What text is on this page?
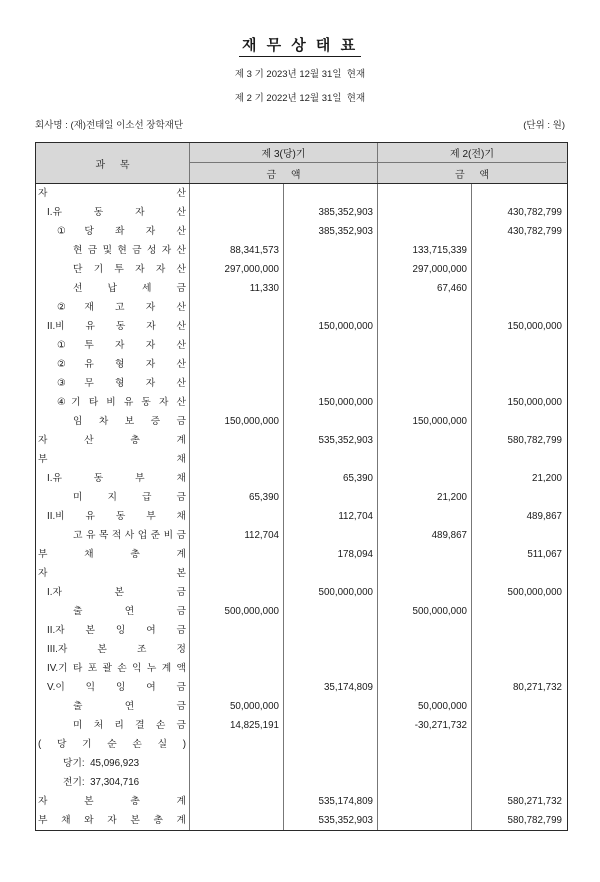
재 무 상 태 표
제 3 기 2023년 12월 31일  현재
제 2 기 2022년 12월 31일  현재
회사명 : (재)전태일 이소선 장학재단	(단위 : 원)
과 목
제 3(당)기	제 2(전)기
금 액	금 액
자 산
I.유 동 자 산	385,352,903	430,782,799
①당 좌 자 산	385,352,903	430,782,799
현 금 및 현 금 성 자 산	88,341,573	133,715,339
단 기 투 자 자 산	297,000,000	297,000,000
선 납 세 금	11,330	67,460
②재 고 자 산
II.비 유 동 자 산	150,000,000	150,000,000
①투 자 자 산
②유 형 자 산
③무 형 자 산
④기 타 비 유 동 자 산	150,000,000	150,000,000
임 차 보 증 금	150,000,000	150,000,000
자 산 총 계	535,352,903	580,782,799
부 채
I.유 동 부 채	65,390	21,200
미 지 급 금	65,390	21,200
II.비 유 동 부 채	112,704	489,867
고 유 목 적 사 업 준 비 금	112,704	489,867
부 채 총 계	178,094	511,067
자 본
I.자 본 금	500,000,000	500,000,000
출 연 금	500,000,000	500,000,000
II.자 본 잉 여 금
III.자 본 조 정
IV.기 타 포 괄 손 익 누 계 액
V.이 익 잉 여 금	35,174,809	80,271,732
출 연 금	50,000,000	50,000,000
미 처 리 결 손 금	14,825,191	-30,271,732
( 당 기 순 손 실 )
당기:  45,096,923
전기:  37,304,716
자 본 총 계	535,174,809	580,271,732
부 채 와 자 본 총 계	535,352,903	580,782,799
